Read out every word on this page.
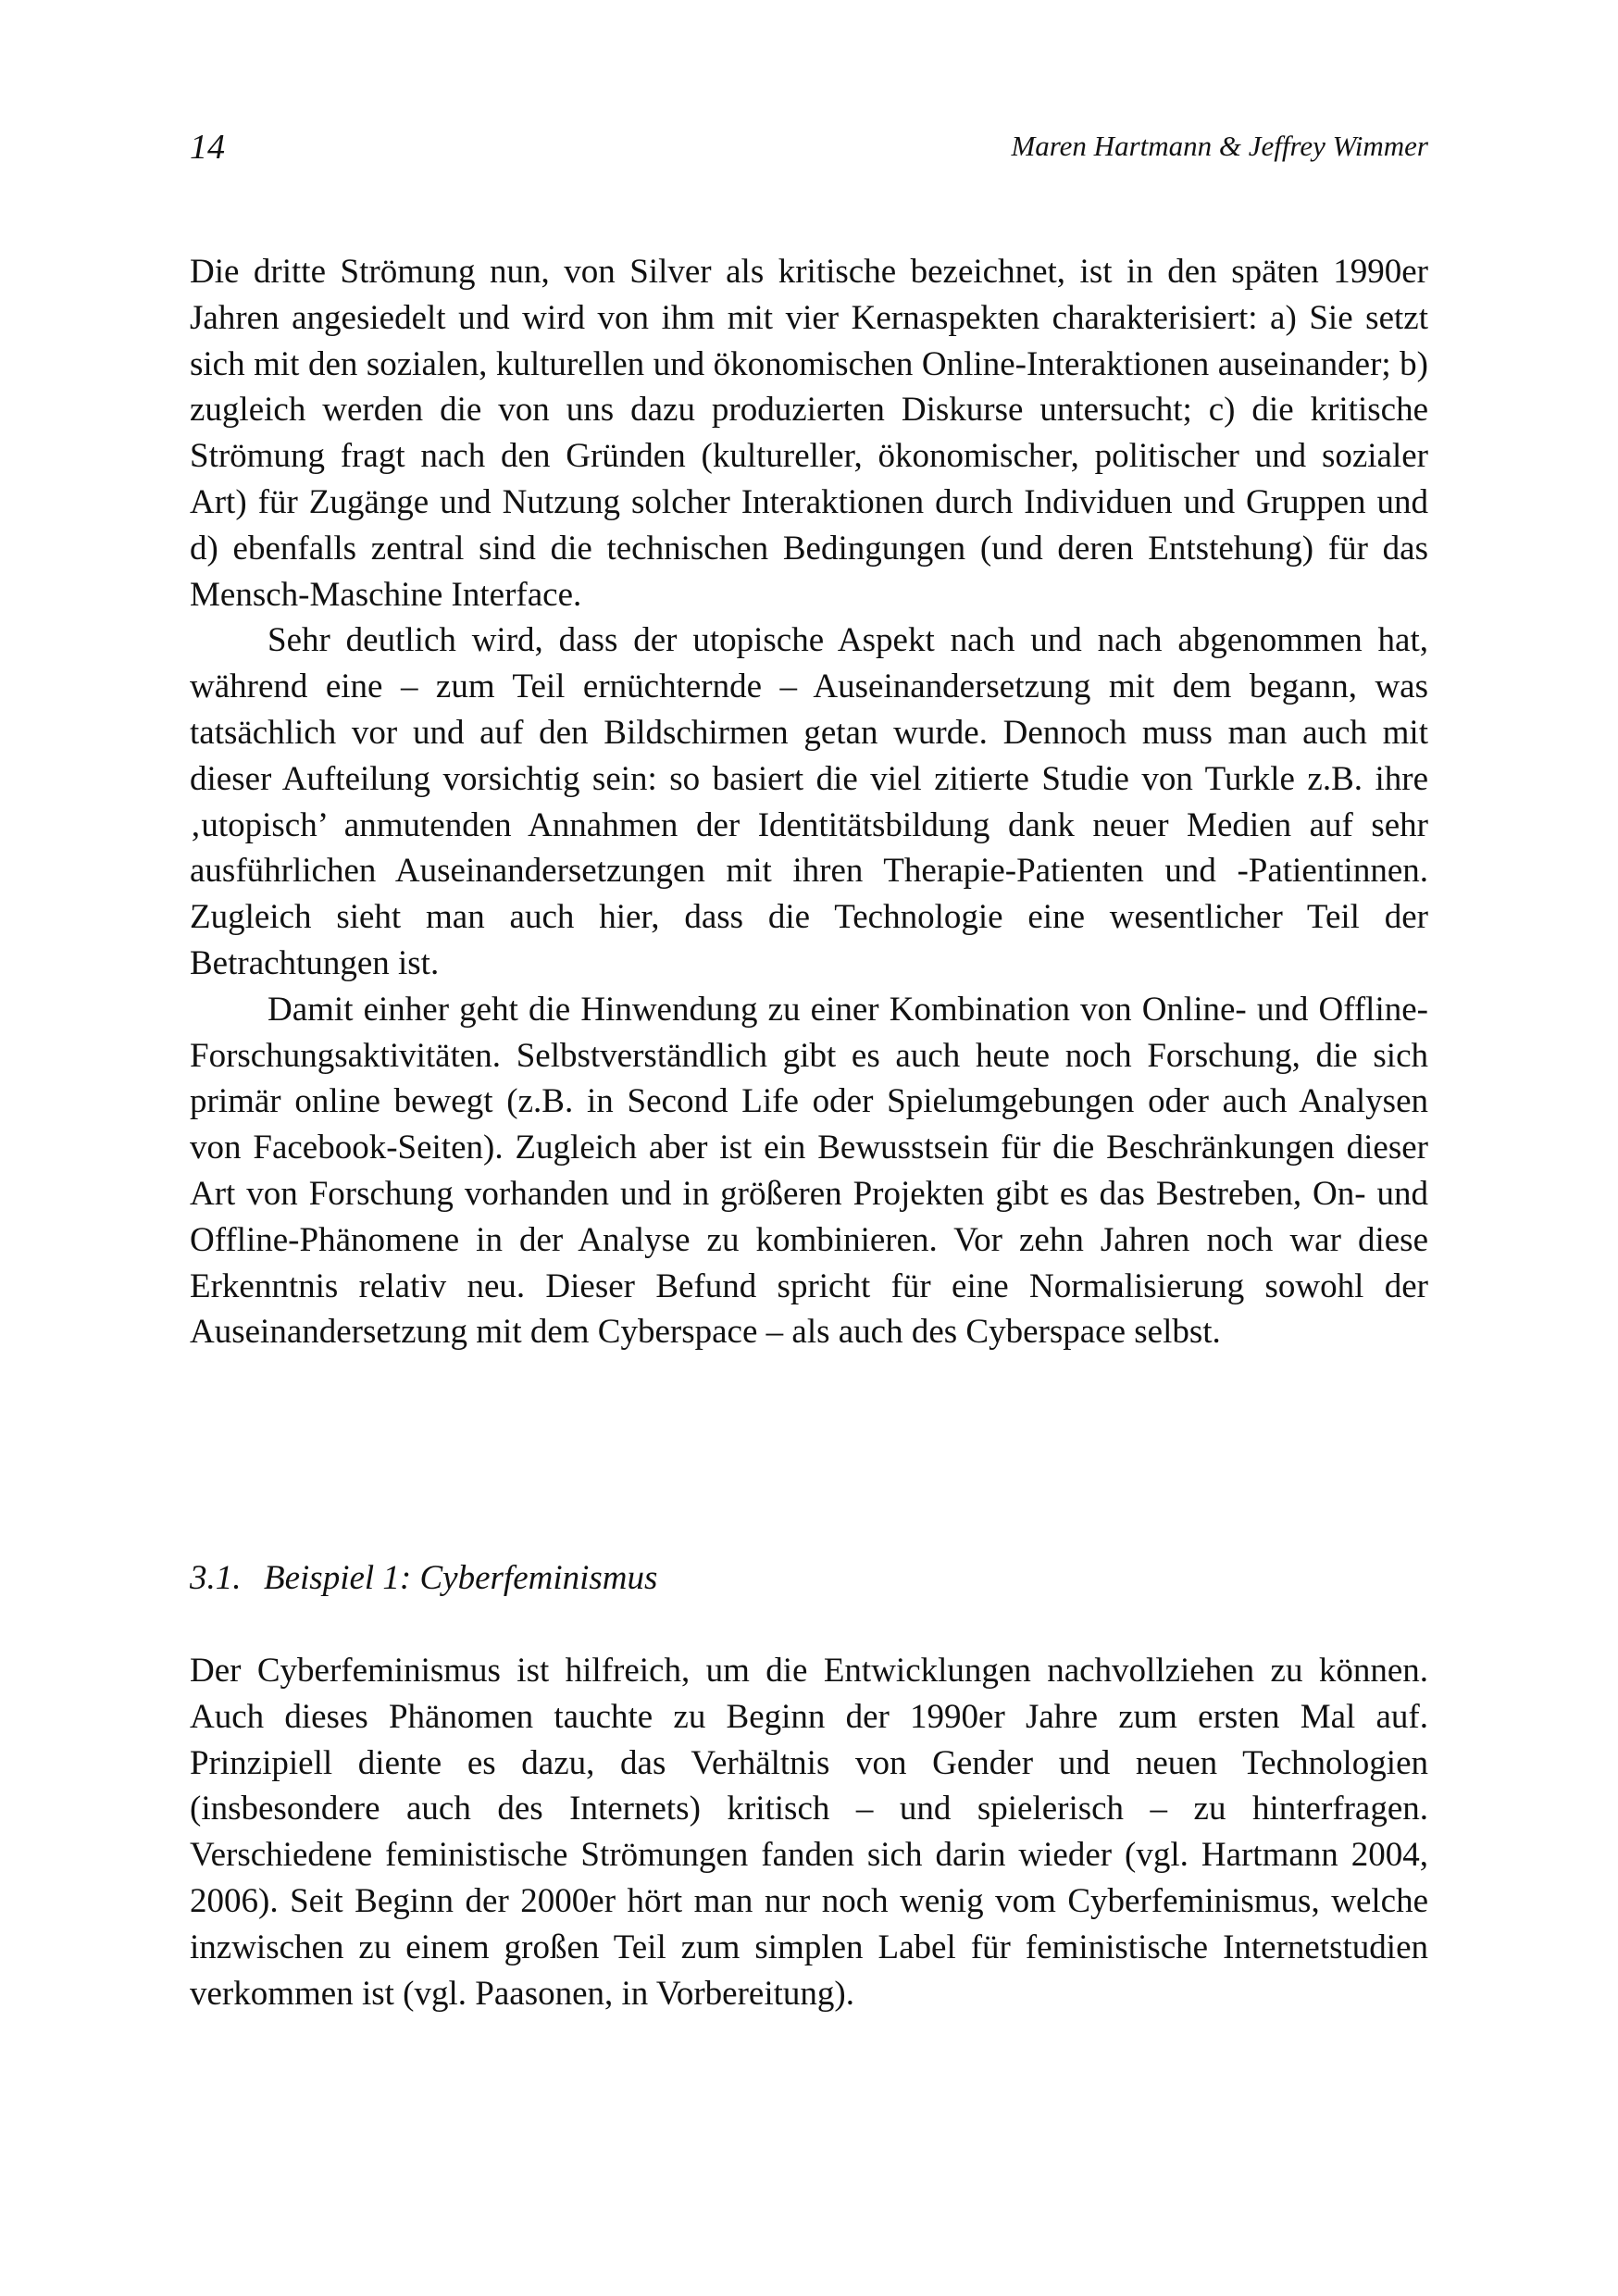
14	Maren Hartmann & Jeffrey Wimmer

Die dritte Strömung nun, von Silver als kritische bezeichnet, ist in den späten 1990er Jahren angesiedelt und wird von ihm mit vier Kernaspekten charakterisiert: a) Sie setzt sich mit den sozialen, kulturellen und ökonomischen Online-Interaktionen auseinander; b) zugleich werden die von uns dazu produzierten Diskurse untersucht; c) die kritische Strömung fragt nach den Gründen (kultureller, ökonomischer, politischer und sozialer Art) für Zugänge und Nutzung solcher Interaktionen durch Individuen und Gruppen und d) ebenfalls zentral sind die technischen Bedingungen (und deren Entstehung) für das Mensch-Maschine Interface.

Sehr deutlich wird, dass der utopische Aspekt nach und nach abgenommen hat, während eine – zum Teil ernüchternde – Auseinandersetzung mit dem begann, was tatsächlich vor und auf den Bildschirmen getan wurde. Dennoch muss man auch mit dieser Aufteilung vorsichtig sein: so basiert die viel zitierte Studie von Turkle z.B. ihre ‚utopisch’ anmutenden Annahmen der Identitätsbildung dank neuer Medien auf sehr ausführlichen Auseinandersetzungen mit ihren Therapie-Patienten und -Patientinnen. Zugleich sieht man auch hier, dass die Technologie eine wesentlicher Teil der Betrachtungen ist.

Damit einher geht die Hinwendung zu einer Kombination von Online- und Offline-Forschungsaktivitäten. Selbstverständlich gibt es auch heute noch Forschung, die sich primär online bewegt (z.B. in Second Life oder Spielumgebungen oder auch Analysen von Facebook-Seiten). Zugleich aber ist ein Bewusstsein für die Beschränkungen dieser Art von Forschung vorhanden und in größeren Projekten gibt es das Bestreben, On- und Offline-Phänomene in der Analyse zu kombinieren. Vor zehn Jahren noch war diese Erkenntnis relativ neu. Dieser Befund spricht für eine Normalisierung sowohl der Auseinandersetzung mit dem Cyberspace – als auch des Cyberspace selbst.

3.1. Beispiel 1: Cyberfeminismus

Der Cyberfeminismus ist hilfreich, um die Entwicklungen nachvollziehen zu können. Auch dieses Phänomen tauchte zu Beginn der 1990er Jahre zum ersten Mal auf. Prinzipiell diente es dazu, das Verhältnis von Gender und neuen Technologien (insbesondere auch des Internets) kritisch – und spielerisch – zu hinterfragen. Verschiedene feministische Strömungen fanden sich darin wieder (vgl. Hartmann 2004, 2006). Seit Beginn der 2000er hört man nur noch wenig vom Cyberfeminismus, welche inzwischen zu einem großen Teil zum simplen Label für feministische Internetstudien verkommen ist (vgl. Paasonen, in Vorbereitung).
